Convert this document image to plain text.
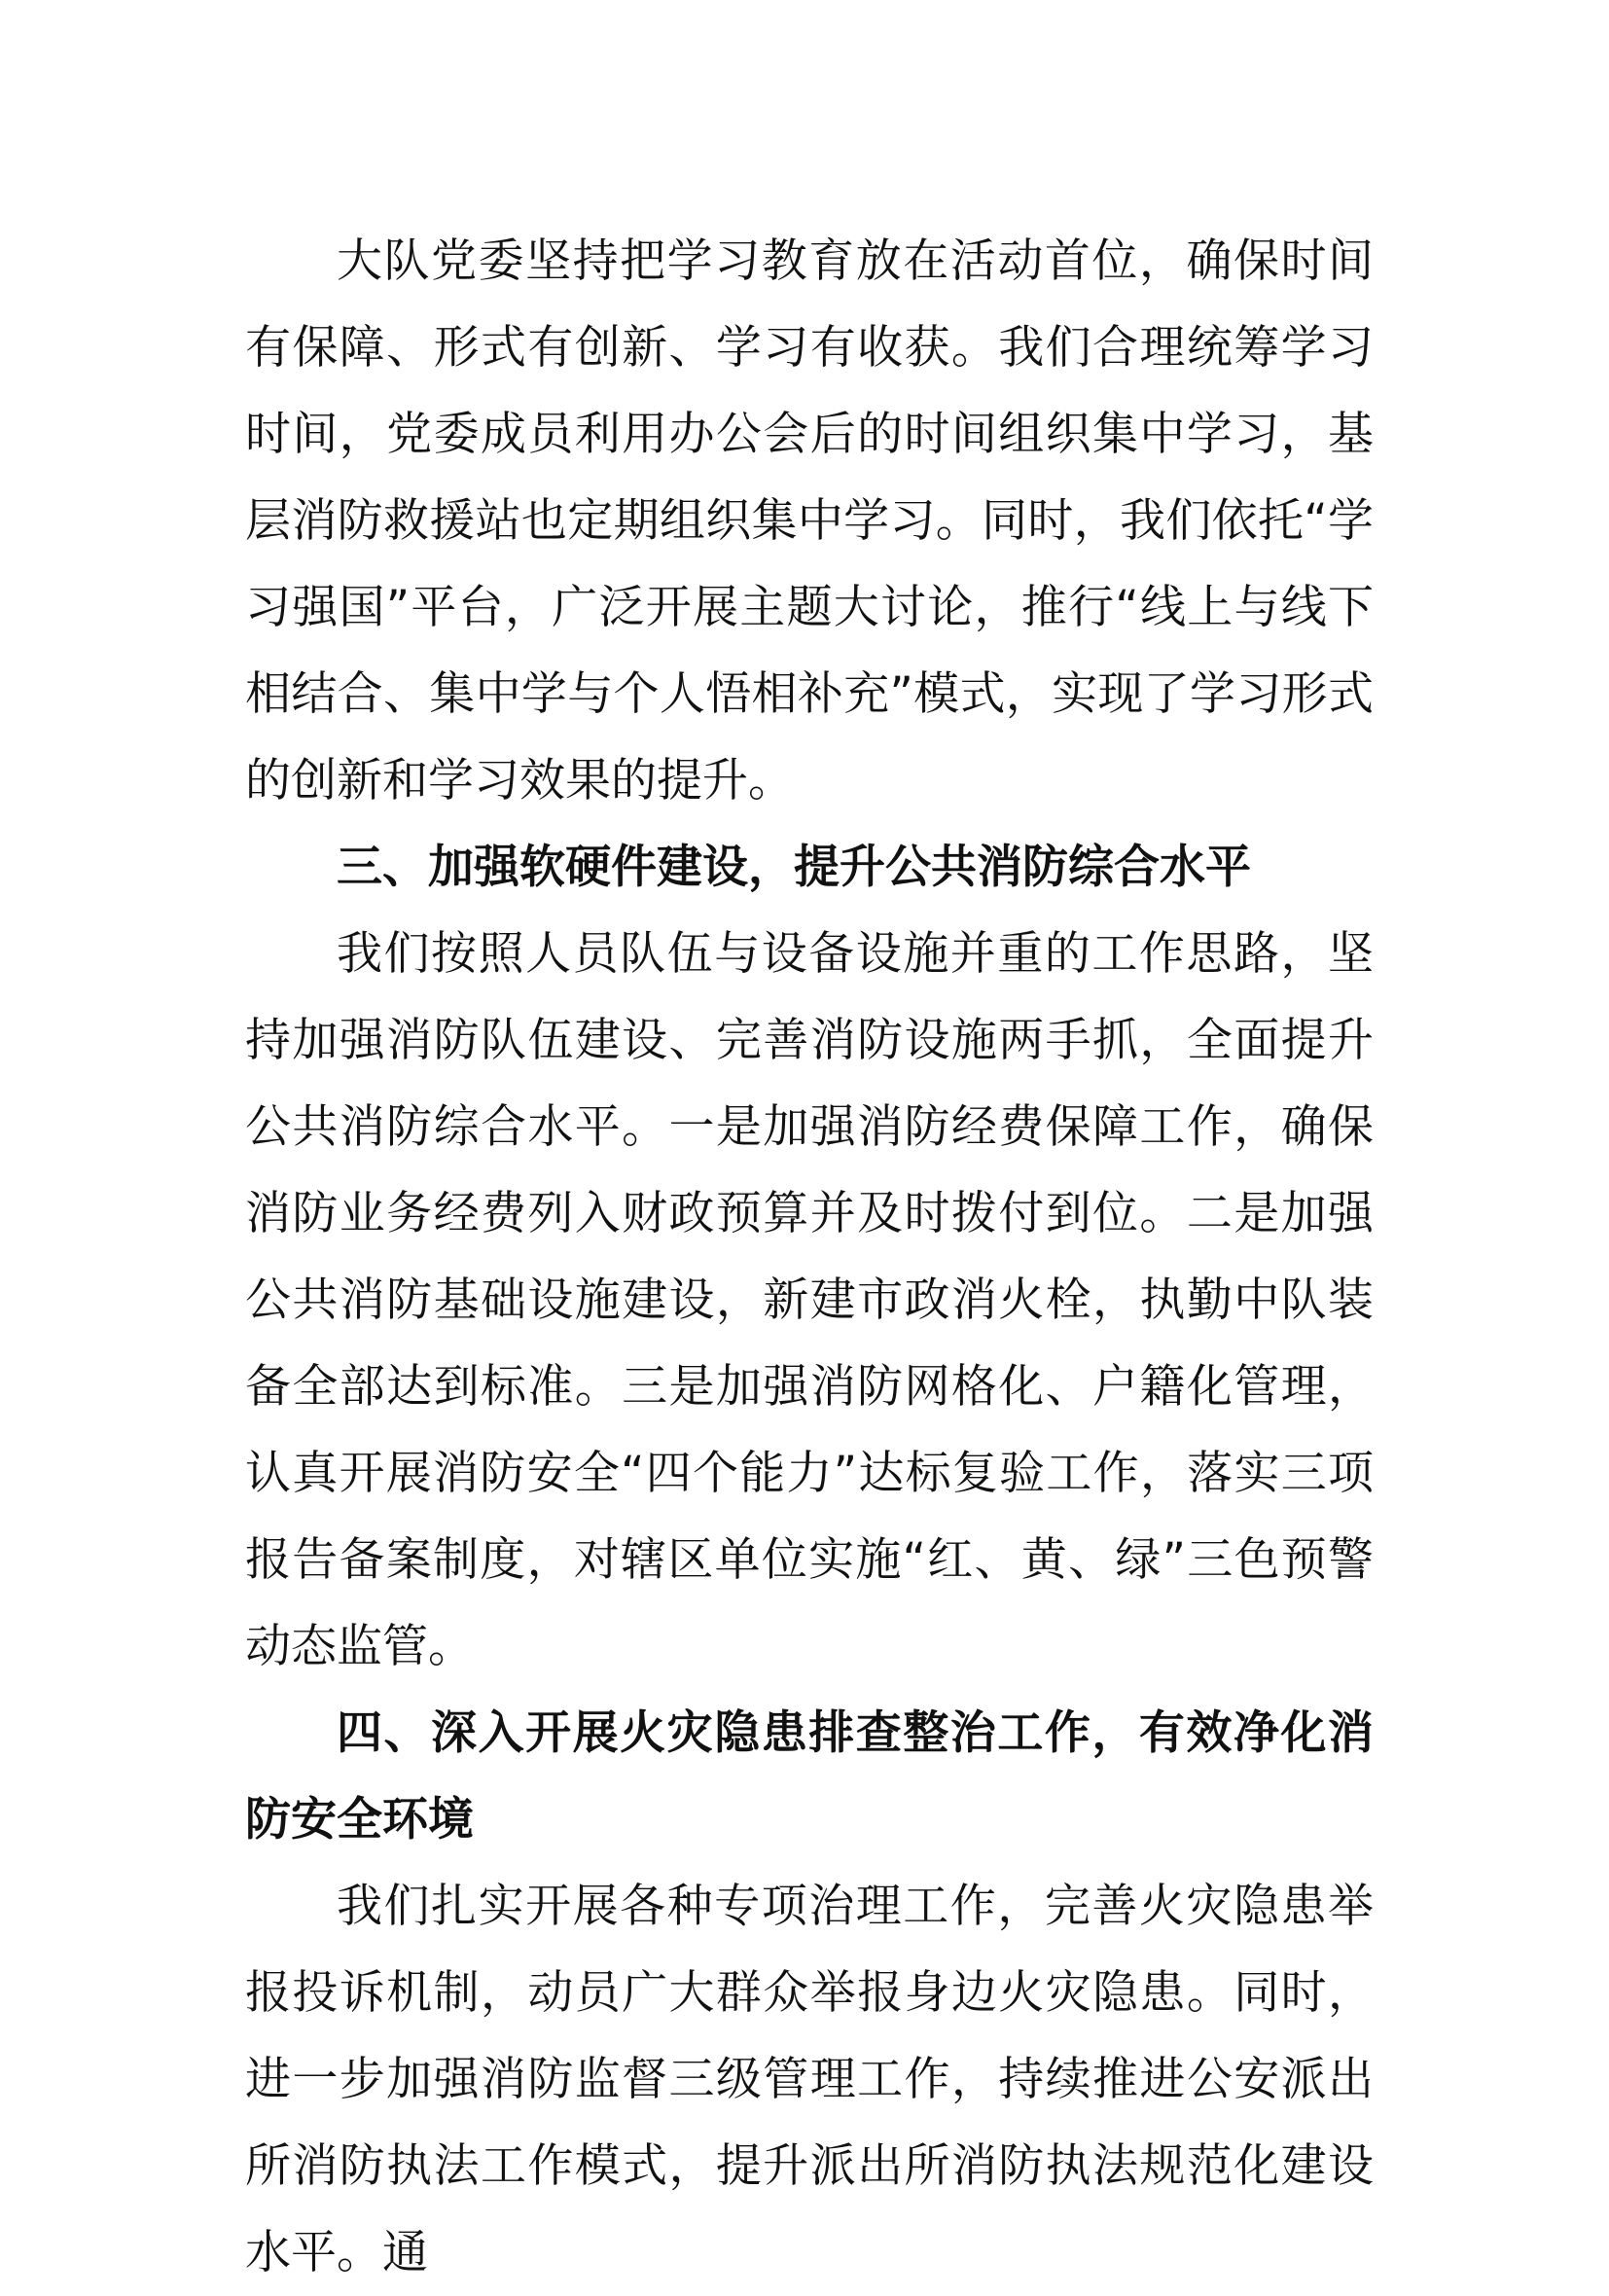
大队党委坚持把学习教育放在活动首位，确保时间有保障、形式有创新、学习有收获。我们合理统筹学习时间，党委成员利用办公会后的时间组织集中学习，基层消防救援站也定期组织集中学习。同时，我们依托“学习强国”平台，广泛开展主题大讨论，推行“线上与线下相结合、集中学与个人悟相补充”模式，实现了学习形式的创新和学习效果的提升。

三、加强软硬件建设，提升公共消防综合水平

我们按照人员队伍与设备设施并重的工作思路，坚持加强消防队伍建设、完善消防设施两手抓，全面提升公共消防综合水平。一是加强消防经费保障工作，确保消防业务经费列入财政预算并及时拨付到位。二是加强公共消防基础设施建设，新建市政消火栓，执勤中队装备全部达到标准。三是加强消防网格化、户籍化管理，认真开展消防安全“四个能力”达标复验工作，落实三项报告备案制度，对辖区单位实施“红、黄、绿”三色预警动态监管。

四、深入开展火灾隐患排查整治工作，有效净化消防安全环境

我们扎实开展各种专项治理工作，完善火灾隐患举报投诉机制，动员广大群众举报身边火灾隐患。同时，进一步加强消防监督三级管理工作，持续推进公安派出所消防执法工作模式，提升派出所消防执法规范化建设水平。通
